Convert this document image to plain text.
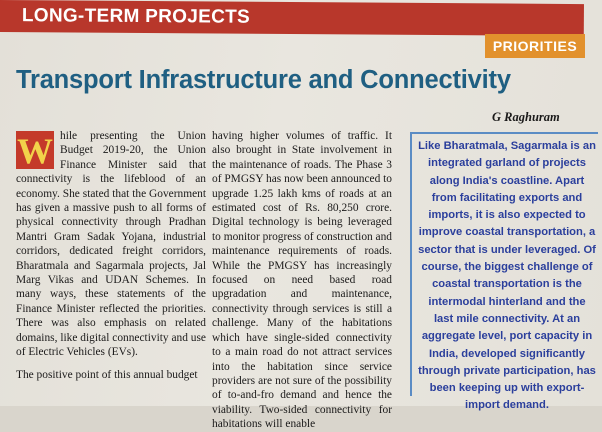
LONG-TERM PROJECTS
PRIORITIES
Transport Infrastructure and Connectivity
G Raghuram

W hile presenting the Union Budget 2019-20, the Union Finance Minister said that connectivity is the lifeblood of an economy. She stated that the Government has given a massive push to all forms of physical connectivity through Pradhan Mantri Gram Sadak Yojana, industrial corridors, dedicated freight corridors, Bharatmala and Sagarmala projects, Jal Marg Vikas and UDAN Schemes. In many ways, these statements of the Finance Minister reflected the priorities. There was also emphasis on related domains, like digital connectivity and use of Electric Vehicles (EVs).

The positive point of this annual budget

having higher volumes of traffic. It also brought in State involvement in the maintenance of roads. The Phase 3 of PMGSY has now been announced to upgrade 1.25 lakh kms of roads at an estimated cost of Rs. 80,250 crore. Digital technology is being leveraged to monitor progress of construction and maintenance requirements of roads. While the PMGSY has increasingly focused on need based road upgradation and maintenance, connectivity through services is still a challenge. Many of the habitations which have single-sided connectivity to a main road do not attract services into the habitation since service providers are not sure of the possibility of to-and-fro demand and hence the viability. Two-sided connectivity for habitations will enable

Like Bharatmala, Sagarmala is an integrated garland of projects along India's coastline. Apart from facilitating exports and imports, it is also expected to improve coastal transportation, a sector that is under leveraged. Of course, the biggest challenge of coastal transportation is the intermodal hinterland and the last mile connectivity. At an aggregate level, port capacity in India, developed significantly through private participation, has been keeping up with export-import demand.
